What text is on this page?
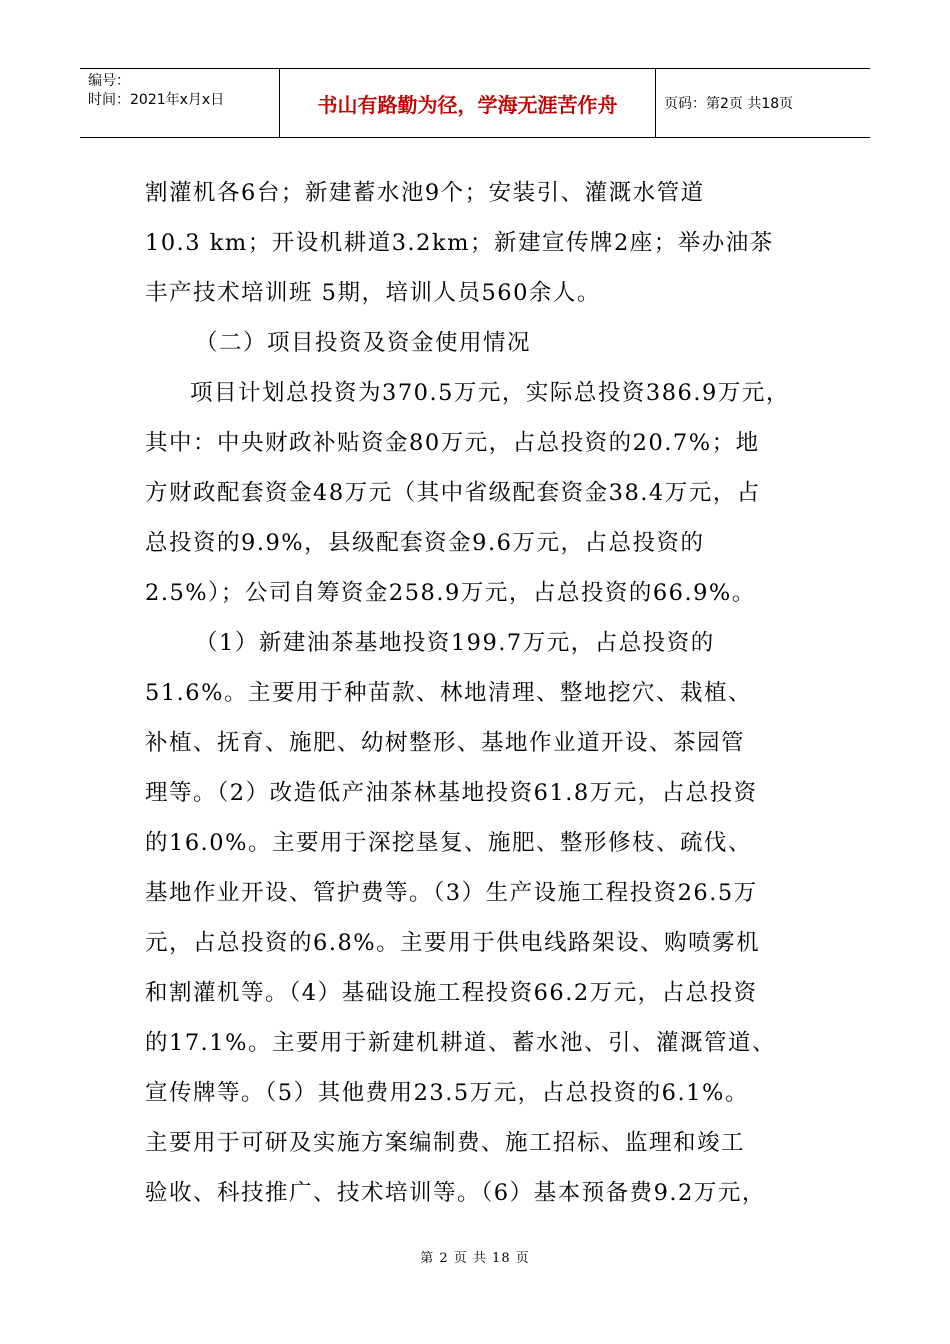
编号：
时间：2021年x月x日	书山有路勤为径，学海无涯苦作舟	页码：第2页 共18页
割灌机各6台；新建蓄水池9个；安装引、灌溉水管道
10.3 km；开设机耕道3.2km；新建宣传牌2座；举办油茶
丰产技术培训班 5期，培训人员560余人。
（二）项目投资及资金使用情况
项目计划总投资为370.5万元，实际总投资386.9万元，
其中：中央财政补贴资金80万元，占总投资的20.7%；地
方财政配套资金48万元（其中省级配套资金38.4万元，占
总投资的9.9%，县级配套资金9.6万元，占总投资的
2.5%）；公司自筹资金258.9万元，占总投资的66.9%。
（1）新建油茶基地投资199.7万元，占总投资的
51.6%。主要用于种苗款、林地清理、整地挖穴、栽植、
补植、抚育、施肥、幼树整形、基地作业道开设、茶园管
理等。（2）改造低产油茶林基地投资61.8万元，占总投资
的16.0%。主要用于深挖垦复、施肥、整形修枝、疏伐、
基地作业开设、管护费等。（3）生产设施工程投资26.5万
元，占总投资的6.8%。主要用于供电线路架设、购喷雾机
和割灌机等。（4）基础设施工程投资66.2万元，占总投资
的17.1%。主要用于新建机耕道、蓄水池、引、灌溉管道、
宣传牌等。（5）其他费用23.5万元，占总投资的6.1%。
主要用于可研及实施方案编制费、施工招标、监理和竣工
验收、科技推广、技术培训等。（6）基本预备费9.2万元，
第 2 页 共 18 页
